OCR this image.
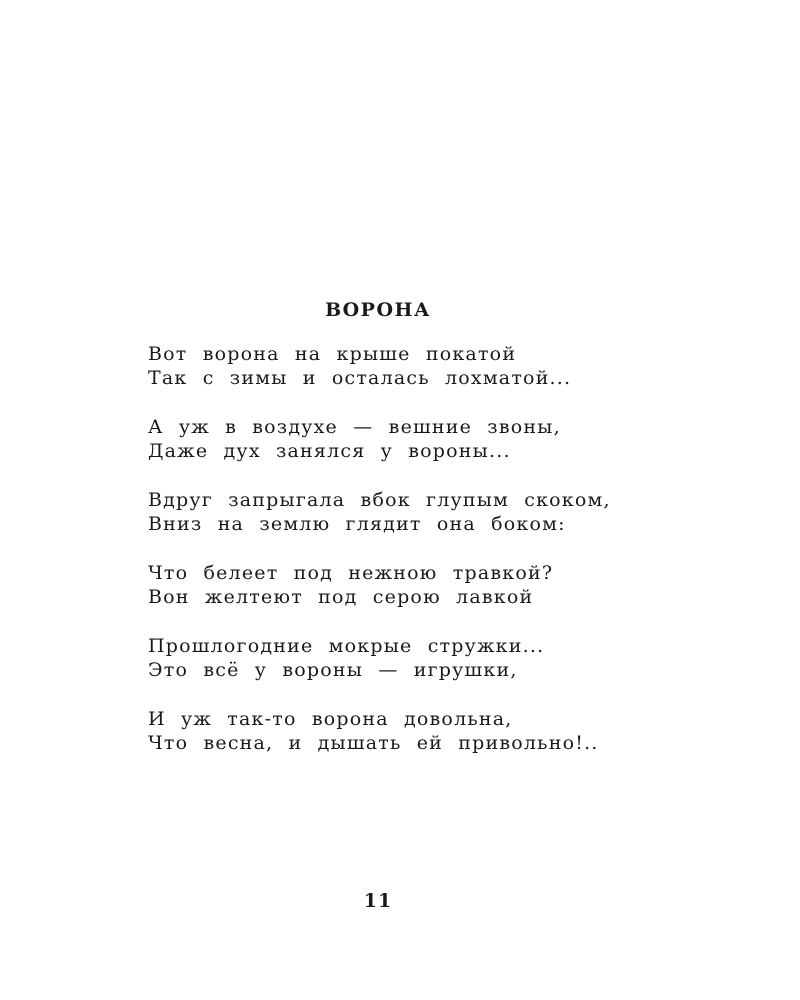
ВОРОНА
Вот ворона на крыше покатой
Так с зимы и осталась лохматой...
А уж в воздухе — вешние звоны,
Даже дух занялся у вороны...
Вдруг запрыгала вбок глупым скоком,
Вниз на землю глядит она боком:
Что белеет под нежною травкой?
Вон желтеют под серою лавкой
Прошлогодние мокрые стружки...
Это всё у вороны — игрушки,
И уж так-то ворона довольна,
Что весна, и дышать ей привольно!..
11
